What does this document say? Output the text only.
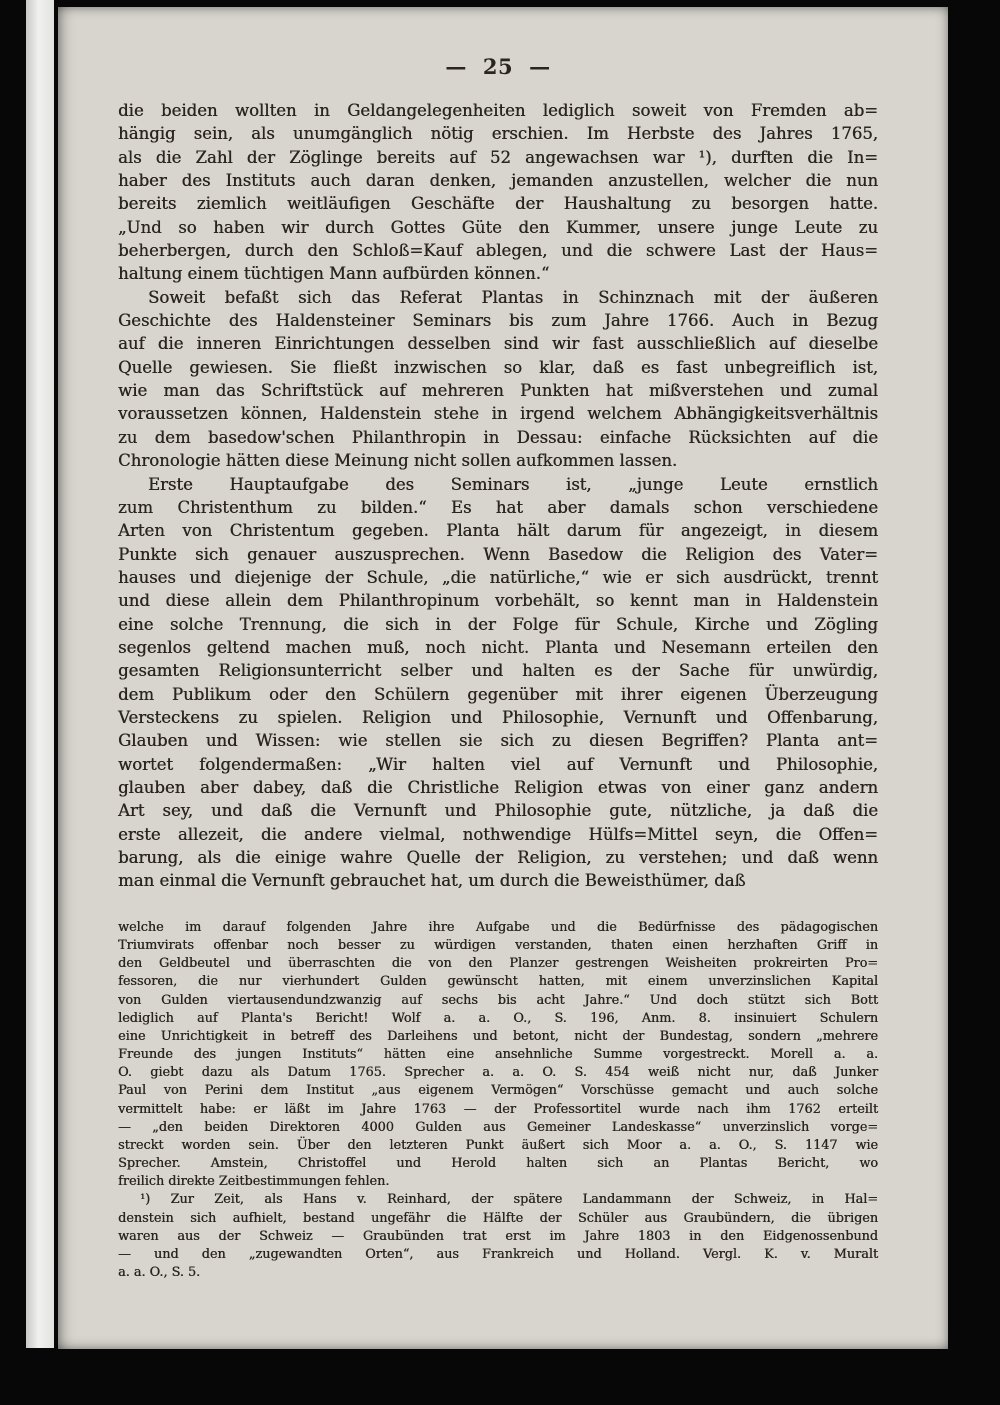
— 25 —
die beiden wollten in Geldangelegenheiten lediglich soweit von Fremden ab=
hängig sein, als unumgänglich nötig erschien. Im Herbste des Jahres 1765,
als die Zahl der Zöglinge bereits auf 52 angewachsen war ¹), durften die In=
haber des Instituts auch daran denken, jemanden anzustellen, welcher die nun
bereits ziemlich weitläufigen Geschäfte der Haushaltung zu besorgen hatte.
„Und so haben wir durch Gottes Güte den Kummer, unsere junge Leute zu
beherbergen, durch den Schloß=Kauf ablegen, und die schwere Last der Haus=
haltung einem tüchtigen Mann aufbürden können.“
Soweit befaßt sich das Referat Plantas in Schinznach mit der äußeren
Geschichte des Haldensteiner Seminars bis zum Jahre 1766. Auch in Bezug
auf die inneren Einrichtungen desselben sind wir fast ausschließlich auf dieselbe
Quelle gewiesen. Sie fließt inzwischen so klar, daß es fast unbegreiflich ist,
wie man das Schriftstück auf mehreren Punkten hat mißverstehen und zumal
voraussetzen können, Haldenstein stehe in irgend welchem Abhängigkeitsverhältnis
zu dem basedow'schen Philanthropin in Dessau: einfache Rücksichten auf die
Chronologie hätten diese Meinung nicht sollen aufkommen lassen.
Erste Hauptaufgabe des Seminars ist, „junge Leute ernstlich
zum Christenthum zu bilden.“ Es hat aber damals schon verschiedene
Arten von Christentum gegeben. Planta hält darum für angezeigt, in diesem
Punkte sich genauer auszusprechen. Wenn Basedow die Religion des Vater=
hauses und diejenige der Schule, „die natürliche,“ wie er sich ausdrückt, trennt
und diese allein dem Philanthropinum vorbehält, so kennt man in Haldenstein
eine solche Trennung, die sich in der Folge für Schule, Kirche und Zögling
segenlos geltend machen muß, noch nicht. Planta und Nesemann erteilen den
gesamten Religionsunterricht selber und halten es der Sache für unwürdig,
dem Publikum oder den Schülern gegenüber mit ihrer eigenen Überzeugung
Versteckens zu spielen. Religion und Philosophie, Vernunft und Offenbarung,
Glauben und Wissen: wie stellen sie sich zu diesen Begriffen? Planta ant=
wortet folgendermaßen: „Wir halten viel auf Vernunft und Philosophie,
glauben aber dabey, daß die Christliche Religion etwas von einer ganz andern
Art sey, und daß die Vernunft und Philosophie gute, nützliche, ja daß die
erste allezeit, die andere vielmal, nothwendige Hülfs=Mittel seyn, die Offen=
barung, als die einige wahre Quelle der Religion, zu verstehen; und daß wenn
man einmal die Vernunft gebrauchet hat, um durch die Beweisthümer, daß
welche im darauf folgenden Jahre ihre Aufgabe und die Bedürfnisse des pädagogischen
Triumvirats offenbar noch besser zu würdigen verstanden, thaten einen herzhaften Griff in
den Geldbeutel und überraschten die von den Planzer gestrengen Weisheiten prokreirten Pro=
fessoren, die nur vierhundert Gulden gewünscht hatten, mit einem unverzinslichen Kapital
von Gulden viertausendundzwanzig auf sechs bis acht Jahre.“ Und doch stützt sich Bott
lediglich auf Planta's Bericht! Wolf a. a. O., S. 196, Anm. 8. insinuiert Schulern
eine Unrichtigkeit in betreff des Darleihens und betont, nicht der Bundestag, sondern „mehrere
Freunde des jungen Instituts“ hätten eine ansehnliche Summe vorgestreckt. Morell a. a.
O. giebt dazu als Datum 1765. Sprecher a. a. O. S. 454 weiß nicht nur, daß Junker
Paul von Perini dem Institut „aus eigenem Vermögen“ Vorschüsse gemacht und auch solche
vermittelt habe: er läßt im Jahre 1763 — der Professortitel wurde nach ihm 1762 erteilt
— „den beiden Direktoren 4000 Gulden aus Gemeiner Landeskasse“ unverzinslich vorge=
streckt worden sein. Über den letzteren Punkt äußert sich Moor a. a. O., S. 1147 wie
Sprecher. Amstein, Christoffel und Herold halten sich an Plantas Bericht, wo
freilich direkte Zeitbestimmungen fehlen.
¹) Zur Zeit, als Hans v. Reinhard, der spätere Landammann der Schweiz, in Hal=
denstein sich aufhielt, bestand ungefähr die Hälfte der Schüler aus Graubündern, die übrigen
waren aus der Schweiz — Graubünden trat erst im Jahre 1803 in den Eidgenossenbund
— und den „zugewandten Orten“, aus Frankreich und Holland. Vergl. K. v. Muralt
a. a. O., S. 5.
